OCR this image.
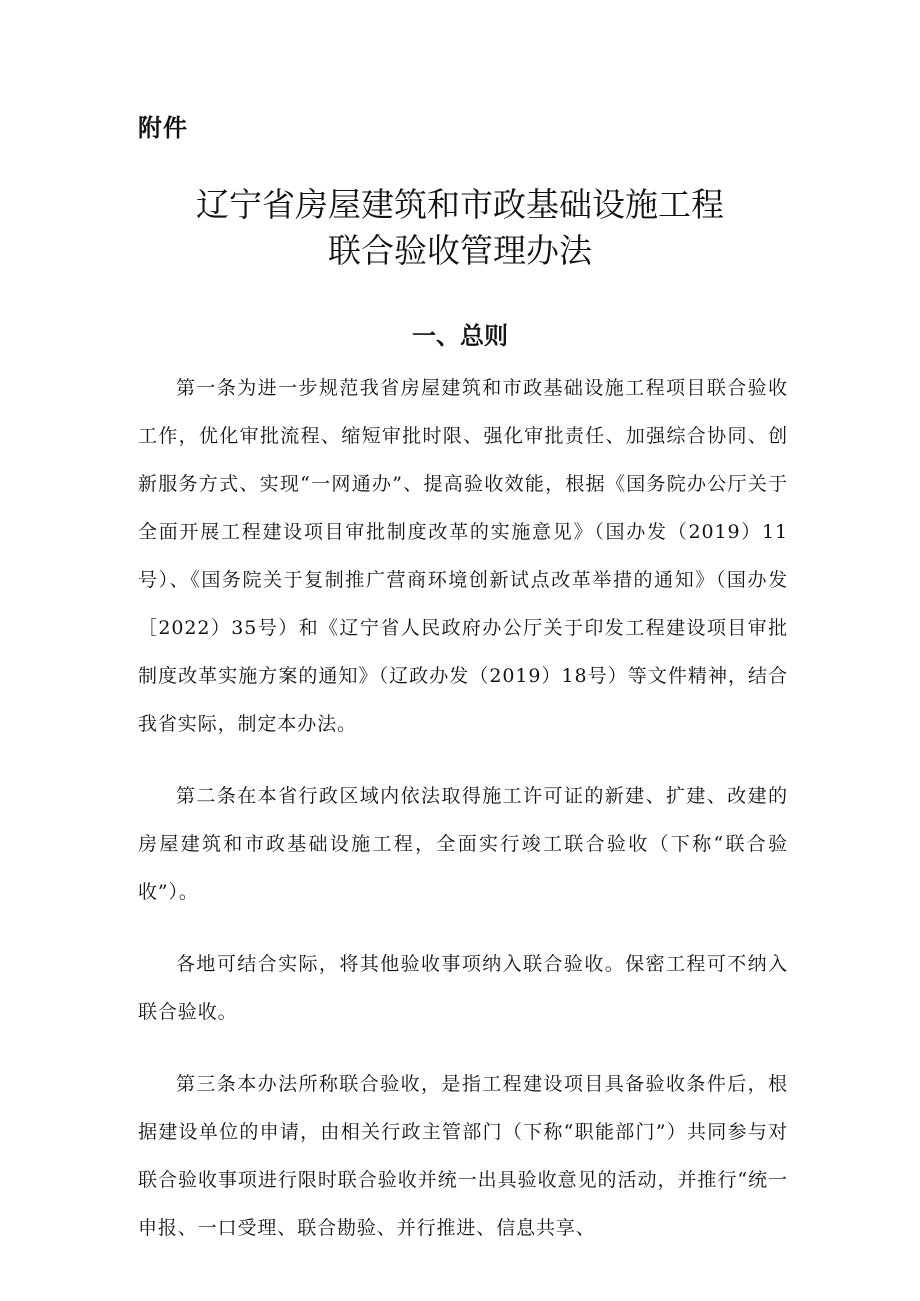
附件

辽宁省房屋建筑和市政基础设施工程
联合验收管理办法
一、总则

第一条为进一步规范我省房屋建筑和市政基础设施工程项目联合验收工作，优化审批流程、缩短审批时限、强化审批责任、加强综合协同、创新服务方式、实现“一网通办”、提高验收效能，根据《国务院办公厅关于全面开展工程建设项目审批制度改革的实施意见》（国办发（2019）11号）、《国务院关于复制推广营商环境创新试点改革举措的通知》（国办发［2022）35号）和《辽宁省人民政府办公厅关于印发工程建设项目审批制度改革实施方案的通知》（辽政办发（2019）18号）等文件精神，结合我省实际，制定本办法。

第二条在本省行政区域内依法取得施工许可证的新建、扩建、改建的房屋建筑和市政基础设施工程，全面实行竣工联合验收（下称“联合验收”）。

各地可结合实际，将其他验收事项纳入联合验收。保密工程可不纳入联合验收。

第三条本办法所称联合验收，是指工程建设项目具备验收条件后，根据建设单位的申请，由相关行政主管部门（下称“职能部门”）共同参与对联合验收事项进行限时联合验收并统一出具验收意见的活动，并推行“统一申报、一口受理、联合勘验、并行推进、信息共享、
